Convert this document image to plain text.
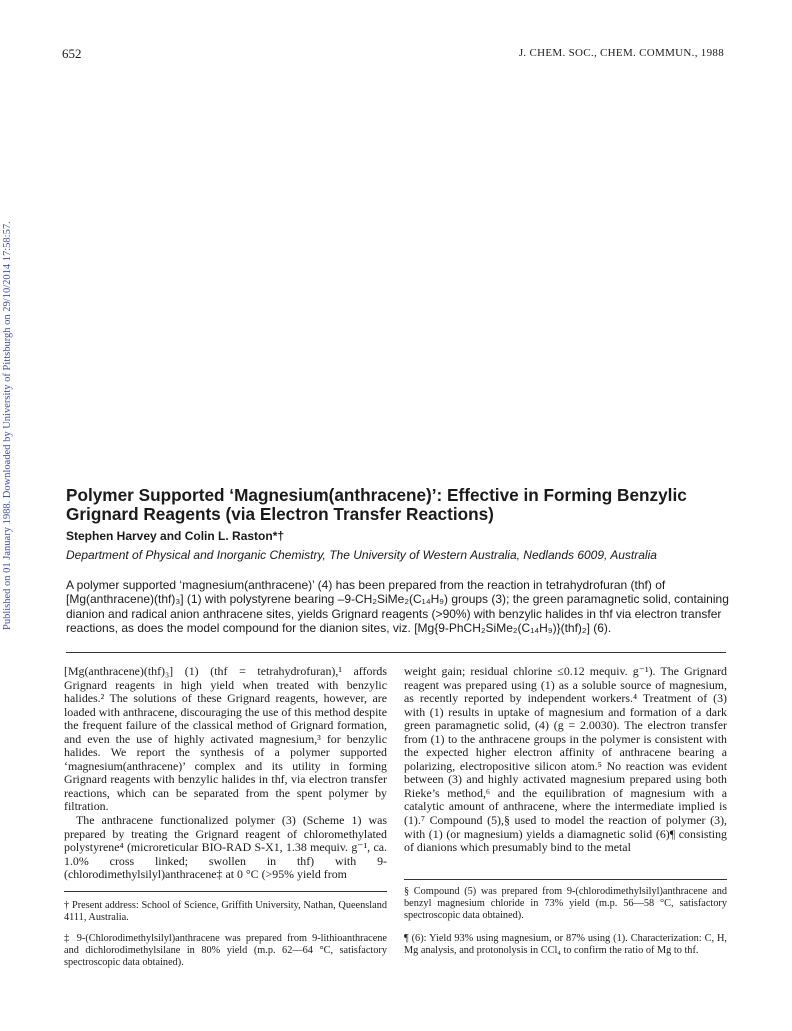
652	J. CHEM. SOC., CHEM. COMMUN., 1988
Published on 01 January 1988. Downloaded by University of Pittsburgh on 29/10/2014 17:58:57.	Polymer Supported ‘Magnesium(anthracene)’: Effective in Forming Benzylic Grignard Reagents (via Electron Transfer Reactions)
Stephen Harvey and Colin L. Raston*†
Department of Physical and Inorganic Chemistry, The University of Western Australia, Nedlands 6009, Australia

A polymer supported ‘magnesium(anthracene)’ (4) has been prepared from the reaction in tetrahydrofuran (thf) of [Mg(anthracene)(thf)₃] (1) with polystyrene bearing –9-CH₂SiMe₂(C₁₄H₉) groups (3); the green paramagnetic solid, containing dianion and radical anion anthracene sites, yields Grignard reagents (>90%) with benzylic halides in thf via electron transfer reactions, as does the model compound for the dianion sites, viz. [Mg{9-PhCH₂SiMe₂(C₁₄H₉)}(thf)₂] (6).

[Mg(anthracene)(thf)₃] (1) (thf = tetrahydrofuran),¹ affords Grignard reagents in high yield when treated with benzylic halides.² The solutions of these Grignard reagents, however, are loaded with anthracene, discouraging the use of this method despite the frequent failure of the classical method of Grignard formation, and even the use of highly activated magnesium,³ for benzylic halides. We report the synthesis of a polymer supported ‘magnesium(anthracene)’ complex and its utility in forming Grignard reagents with benzylic halides in thf, via electron transfer reactions, which can be separated from the spent polymer by filtration.

The anthracene functionalized polymer (3) (Scheme 1) was prepared by treating the Grignard reagent of chloromethylated polystyrene⁴ (microreticular BIO-RAD S-X1, 1.38 mequiv. g⁻¹, ca. 1.0% cross linked; swollen in thf) with 9-(chlorodimethylsilyl)anthracene‡ at 0 °C (>95% yield from

weight gain; residual chlorine ≤0.12 mequiv. g⁻¹). The Grignard reagent was prepared using (1) as a soluble source of magnesium, as recently reported by independent workers.⁴ Treatment of (3) with (1) results in uptake of magnesium and formation of a dark green paramagnetic solid, (4) (g = 2.0030). The electron transfer from (1) to the anthracene groups in the polymer is consistent with the expected higher electron affinity of anthracene bearing a polarizing, electropositive silicon atom.⁵ No reaction was evident between (3) and highly activated magnesium prepared using both Rieke’s method,⁶ and the equilibration of magnesium with a catalytic amount of anthracene, where the intermediate implied is (1).⁷ Compound (5),§ used to model the reaction of polymer (3), with (1) (or magnesium) yields a diamagnetic solid (6)¶ consisting of dianions which presumably bind to the metal

† Present address: School of Science, Griffith University, Nathan, Queensland 4111, Australia.

‡ 9-(Chlorodimethylsilyl)anthracene was prepared from 9-lithioanthracene and dichlorodimethylsilane in 80% yield (m.p. 62—64 °C, satisfactory spectroscopic data obtained).

§ Compound (5) was prepared from 9-(chlorodimethylsilyl)anthracene and benzyl magnesium chloride in 73% yield (m.p. 56—58 °C, satisfactory spectroscopic data obtained).

¶ (6): Yield 93% using magnesium, or 87% using (1). Characterization: C, H, Mg analysis, and protonolysis in CCl₄ to confirm the ratio of Mg to thf.
